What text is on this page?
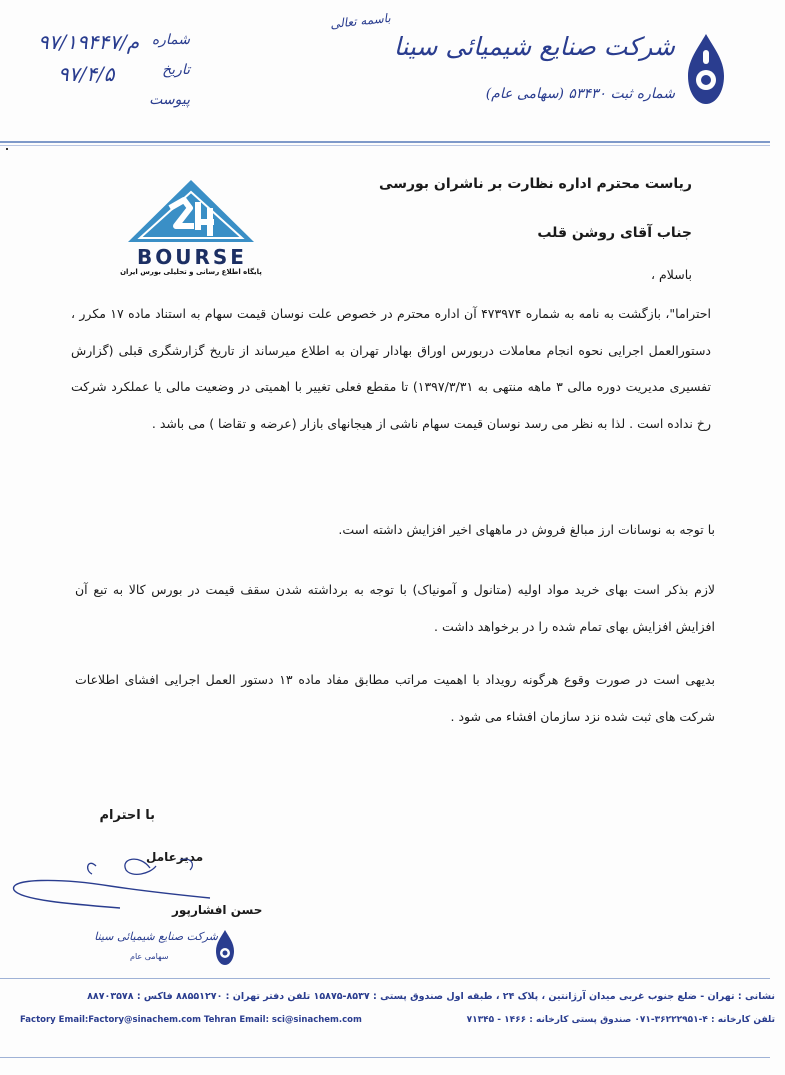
شرکت صنایع شیمیائی سینا
شماره ثبت ۵۳۴۳۰ (سهامی عام)
باسمه تعالی
شماره
تاریخ
پیوست
۹۷/م/۱۹۴۴۷
۹۷/۴/۵
BOURSE
پایگاه اطلاع رسانی و تحلیلی بورس ایران
ریاست محترم اداره نظارت بر ناشران بورسی
جناب آقای روشن قلب
باسلام ،
احتراما"، بازگشت به نامه به شماره ۴۷۳۹۷۴ آن اداره محترم در خصوص علت نوسان قیمت سهام به استناد ماده ۱۷ مکرر ، دستورالعمل اجرایی نحوه انجام معاملات دربورس اوراق بهادار تهران به اطلاع میرساند از تاریخ گزارشگری قبلی (گزارش تفسیری مدیریت دوره مالی ۳ ماهه منتهی به ۱۳۹۷/۳/۳۱) تا مقطع فعلی تغییر با اهمیتی در وضعیت مالی یا عملکرد شرکت رخ نداده است . لذا به نظر می رسد نوسان قیمت سهام ناشی از هیجانهای بازار (عرضه و تقاضا ) می باشد .
با توجه به نوسانات ارز مبالغ فروش در ماههای اخیر افزایش داشته است.
لازم بذکر است بهای خرید مواد اولیه (متانول و آمونیاک) با توجه به برداشته شدن سقف قیمت در بورس کالا به تبع آن افزایش افزایش بهای تمام شده را در برخواهد داشت .
بدیهی است در صورت وقوع هرگونه رویداد با اهمیت مراتب مطابق مفاد ماده ۱۳ دستور العمل اجرایی افشای اطلاعات شرکت های ثبت شده نزد سازمان افشاء می شود .
با احترام
مدیرعامل
حسن افشارپور
شرکت صنایع شیمیائی سینا
سهامی عام
نشانی : تهران - ضلع جنوب غربی میدان آرژانتین ، پلاک ۲۴ ، طبقه اول صندوق پستی : ۸۵۳۷-۱۵۸۷۵ تلفن دفتر تهران : ۸۸۵۵۱۲۷۰ فاکس : ۸۸۷۰۳۵۷۸
تلفن کارخانه : ۴-۳۶۲۲۲۹۵۱-۰۷۱ صندوق پستی کارخانه : ۱۴۶۶ - ۷۱۳۴۵
Factory Email:Factory@sinachem.com Tehran Email: sci@sinachem.com
